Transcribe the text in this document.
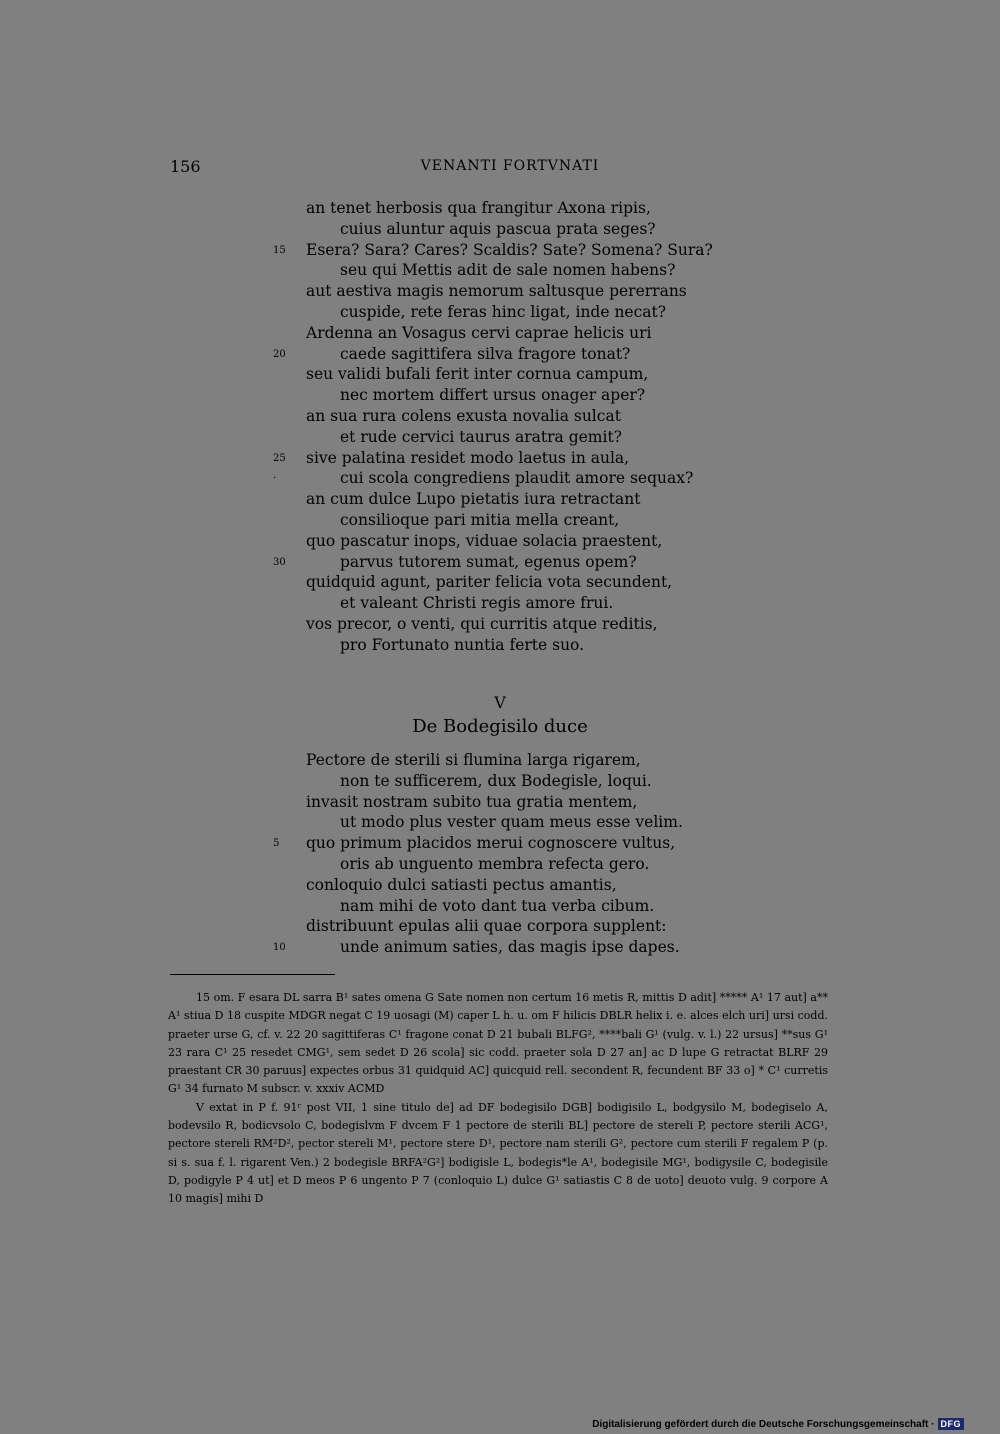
156	VENANTI FORTVNATI
an tenet herbosis qua frangitur Axona ripis,
cuius aluntur aquis pascua prata seges?
Esera? Sara? Cares? Scaldis? Sate? Somena? Sura?
15
seu qui Mettis adit de sale nomen habens?
aut aestiva magis nemorum saltusque pererrans
cuspide, rete feras hinc ligat, inde necat?
Ardenna an Vosagus cervi caprae helicis uri
caede sagittifera silva fragore tonat?
20
seu validi bufali ferit inter cornua campum,
nec mortem differt ursus onager aper?
an sua rura colens exusta novalia sulcat
et rude cervici taurus aratra gemit?
sive palatina residet modo laetus in aula,
25
cui scola congrediens plaudit amore sequax?
·
an cum dulce Lupo pietatis iura retractant
consilioque pari mitia mella creant,
quo pascatur inops, viduae solacia praestent,
parvus tutorem sumat, egenus opem?
30
quidquid agunt, pariter felicia vota secundent,
et valeant Christi regis amore frui.
vos precor, o venti, qui curritis atque reditis,
pro Fortunato nuntia ferte suo.
V
De Bodegisilo duce
Pectore de sterili si flumina larga rigarem,
non te sufficerem, dux Bodegisle, loqui.
invasit nostram subito tua gratia mentem,
ut modo plus vester quam meus esse velim.
quo primum placidos merui cognoscere vultus,
5
oris ab unguento membra refecta gero.
conloquio dulci satiasti pectus amantis,
nam mihi de voto dant tua verba cibum.
distribuunt epulas alii quae corpora supplent:
unde animum saties, das magis ipse dapes.
10

15 om. F esara DL sarra B¹ sates omena G Sate nomen non certum 16 metis R, mittis D adit] ***** A¹ 17 aut] a** A¹ stiua D 18 cuspite MDGR negat C 19 uosagi (M) caper L h. u. om F hilicis DBLR helix i. e. alces elch uri] ursi codd. praeter urse G, cf. v. 22 20 sagittiferas C¹ fragone conat D 21 bubali BLFG², ****bali G¹ (vulg. v. l.) 22 ursus] **sus G¹ 23 rara C¹ 25 resedet CMG¹, sem sedet D 26 scola] sic codd. praeter sola D 27 an] ac D lupe G retractat BLRF 29 praestant CR 30 paruus] expectes orbus 31 quidquid AC] quicquid rell. secondent R, fecundent BF 33 o] * C¹ curretis G¹ 34 furnato M subscr. v. xxxiv ACMD

V extat in P f. 91ʳ post VII, 1 sine titulo de] ad DF bodegisilo DGB] bodigisilo L, bodgysilo M, bodegiselo A, bodevsilo R, bodicvsolo C, bodegislvm F dvcem F 1 pectore de sterili BL] pectore de stereli P, pectore sterili ACG¹, pectore stereli RM²D², pector stereli M¹, pectore stere D¹, pectore nam sterili G², pectore cum sterili F regalem P (p. si s. sua f. l. rigarent Ven.) 2 bodegisle BRFA²G²] bodigisle L, bodegis*le A¹, bodegisile MG¹, bodigysile C, bodegisile D, podigyle P 4 ut] et D meos P 6 ungento P 7 (conloquio L) dulce G¹ satiastis C 8 de uoto] deuoto vulg. 9 corpore A 10 magis] mihi D

Digitalisierung gefördert durch die Deutsche Forschungsgemeinschaft · DFG
